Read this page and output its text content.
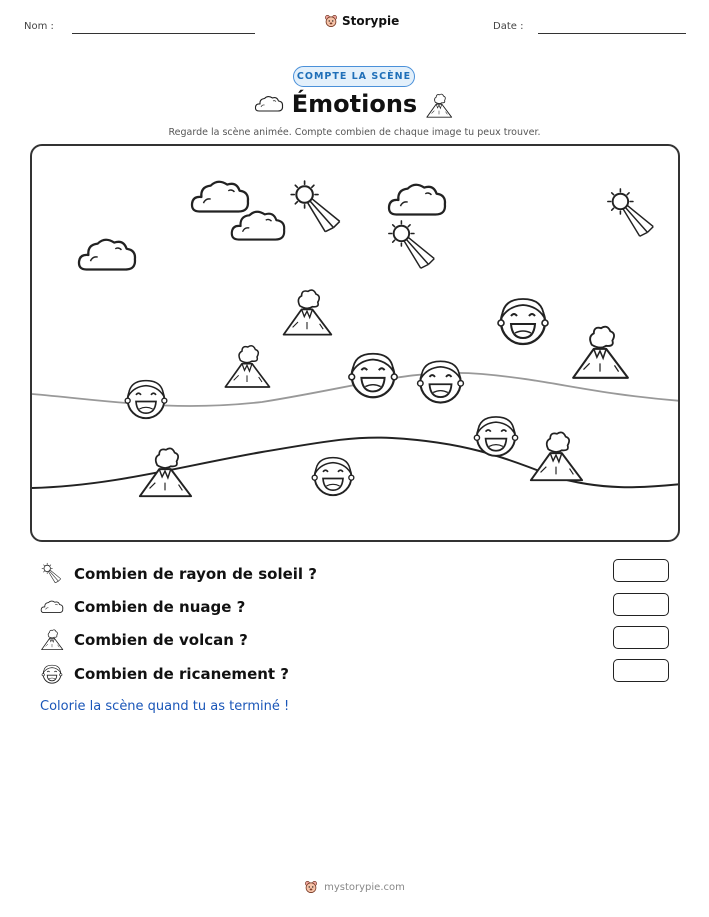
Nom :	Storypie	Date :
COMPTE LA SCÈNE
Émotions
Regarde la scène animée. Compte combien de chaque image tu peux trouver.
Combien de rayon de soleil ?
Combien de nuage ?
Combien de volcan ?
Combien de ricanement ?
Colorie la scène quand tu as terminé !
mystorypie.com
